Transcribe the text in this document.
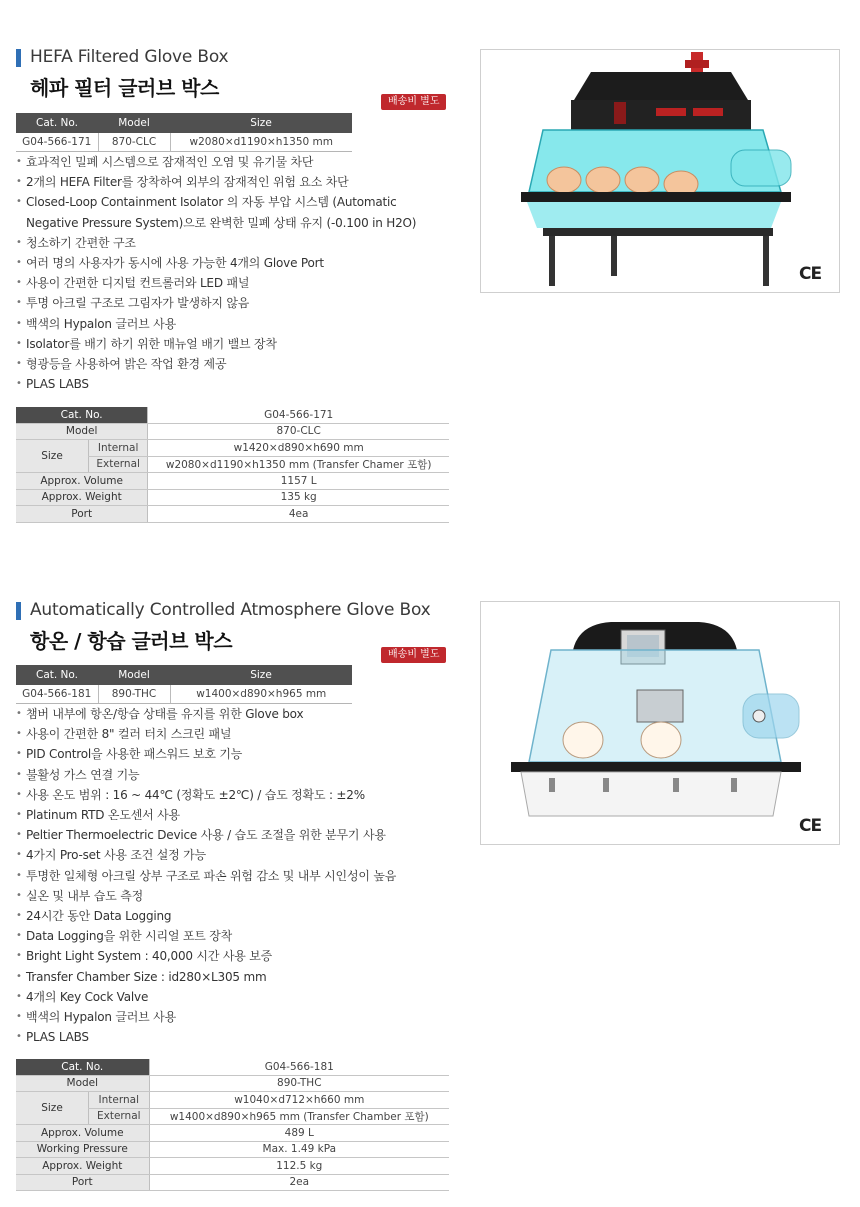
HEFA Filtered Glove Box
헤파 필터 글러브 박스
배송비 별도
Cat. No.	Model	Size
G04-566-171	870-CLC	w2080×d1190×h1350 mm
• 효과적인 밀폐 시스템으로 잠재적인 오염 및 유기물 차단
• 2개의 HEFA Filter를 장착하여 외부의 잠재적인 위험 요소 차단
• Closed-Loop Containment Isolator 의 자동 부압 시스템 (Automatic
Negative Pressure System)으로 완벽한 밀폐 상태 유지 (-0.100 in H2O)
• 청소하기 간편한 구조
• 여러 명의 사용자가 동시에 사용 가능한 4개의 Glove Port
• 사용이 간편한 디지털 컨트롤러와 LED 패널
• 투명 아크릴 구조로 그림자가 발생하지 않음
• 백색의 Hypalon 글러브 사용
• Isolator를 배기 하기 위한 매뉴얼 배기 밸브 장착
• 형광등을 사용하여 밝은 작업 환경 제공
• PLAS LABS
Cat. No.		G04-566-171
Model		870-CLC
Size	Internal	w1420×d890×h690 mm
	External	w2080×d1190×h1350 mm (Transfer Chamer 포함)
Approx. Volume		1157 L
Approx. Weight		135 kg
Port		4ea
CE
Automatically Controlled Atmosphere Glove Box
항온 / 항습 글러브 박스
배송비 별도
Cat. No.	Model	Size
G04-566-181	890-THC	w1400×d890×h965 mm
• 챔버 내부에 항온/항습 상태를 유지를 위한 Glove box
• 사용이 간편한 8" 컬러 터치 스크린 패널
• PID Control을 사용한 패스워드 보호 기능
• 불활성 가스 연결 기능
• 사용 온도 범위 : 16 ~ 44℃ (정확도 ±2℃) / 습도 정확도 : ±2%
• Platinum RTD 온도센서 사용
• Peltier Thermoelectric Device 사용 / 습도 조절을 위한 분무기 사용
• 4가지 Pro-set 사용 조건 설정 가능
• 투명한 일체형 아크릴 상부 구조로 파손 위험 감소 및 내부 시인성이 높음
• 실온 및 내부 습도 측정
• 24시간 동안 Data Logging
• Data Logging을 위한 시리얼 포트 장착
• Bright Light System : 40,000 시간 사용 보증
• Transfer Chamber Size : id280×L305 mm
• 4개의 Key Cock Valve
• 백색의 Hypalon 글러브 사용
• PLAS LABS
Cat. No.		G04-566-181
Model		890-THC
Size	Internal	w1040×d712×h660 mm
	External	w1400×d890×h965 mm (Transfer Chamber 포함)
Approx. Volume		489 L
Working Pressure		Max. 1.49 kPa
Approx. Weight		112.5 kg
Port		2ea
CE
